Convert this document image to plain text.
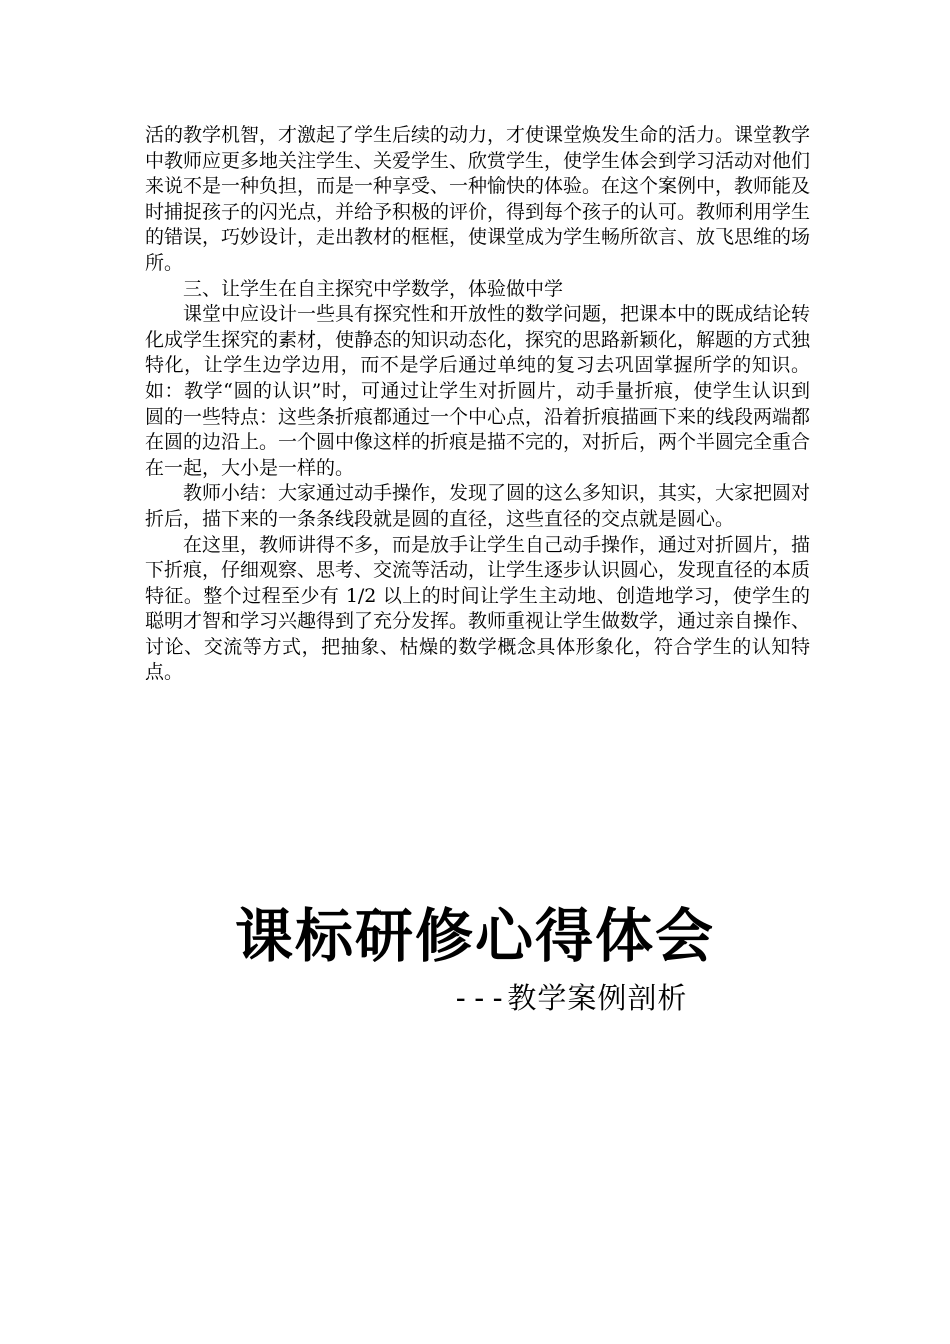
活的教学机智，才激起了学生后续的动力，才使课堂焕发生命的活力。课堂教学中教师应更多地关注学生、关爱学生、欣赏学生，使学生体会到学习活动对他们来说不是一种负担，而是一种享受、一种愉快的体验。在这个案例中，教师能及时捕捉孩子的闪光点，并给予积极的评价，得到每个孩子的认可。教师利用学生的错误，巧妙设计，走出教材的框框，使课堂成为学生畅所欲言、放飞思维的场所。

三、让学生在自主探究中学数学，体验做中学

课堂中应设计一些具有探究性和开放性的数学问题，把课本中的既成结论转化成学生探究的素材，使静态的知识动态化，探究的思路新颖化，解题的方式独特化，让学生边学边用，而不是学后通过单纯的复习去巩固掌握所学的知识。如：教学“圆的认识”时，可通过让学生对折圆片，动手量折痕，使学生认识到圆的一些特点：这些条折痕都通过一个中心点，沿着折痕描画下来的线段两端都在圆的边沿上。一个圆中像这样的折痕是描不完的，对折后，两个半圆完全重合在一起，大小是一样的。

教师小结：大家通过动手操作，发现了圆的这么多知识，其实，大家把圆对折后，描下来的一条条线段就是圆的直径，这些直径的交点就是圆心。

在这里，教师讲得不多，而是放手让学生自己动手操作，通过对折圆片，描下折痕，仔细观察、思考、交流等活动，让学生逐步认识圆心，发现直径的本质特征。整个过程至少有 1/2 以上的时间让学生主动地、创造地学习，使学生的聪明才智和学习兴趣得到了充分发挥。教师重视让学生做数学，通过亲自操作、讨论、交流等方式，把抽象、枯燥的数学概念具体形象化，符合学生的认知特点。

课标研修心得体会
---教学案例剖析
